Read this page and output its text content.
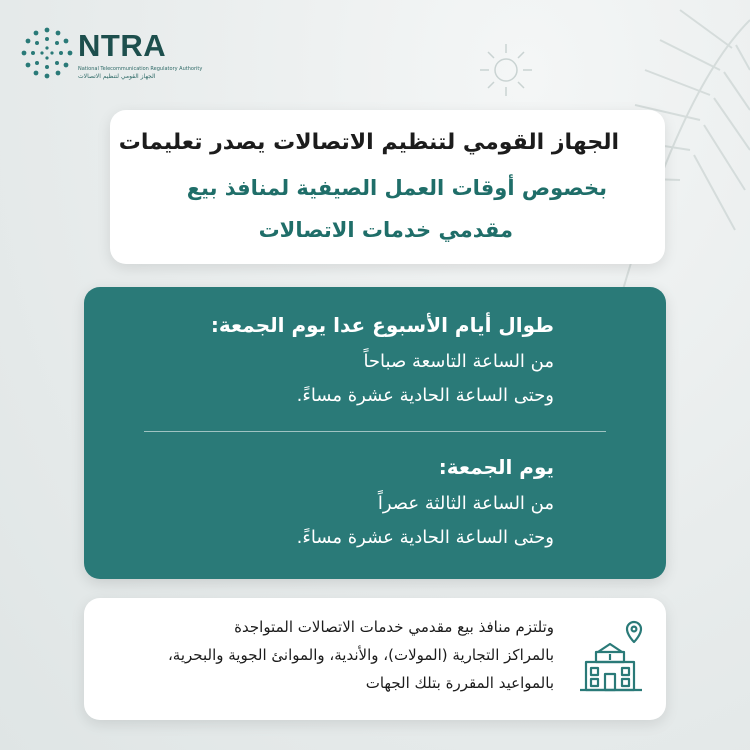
NTRA
National Telecommunication Regulatory Authority
الجهاز القومي لتنظيم الاتصالات
الجهاز القومي لتنظيم الاتصالات يصدر تعليمات
بخصوص أوقات العمل الصيفية لمنافذ بيع
مقدمي خدمات الاتصالات
طوال أيام الأسبوع عدا يوم الجمعة:
من الساعة التاسعة صباحاً
وحتى الساعة الحادية عشرة مساءً.
يوم الجمعة:
من الساعة الثالثة عصراً
وحتى الساعة الحادية عشرة مساءً.
وتلتزم منافذ بيع مقدمي خدمات الاتصالات المتواجدة
بالمراكز التجارية (المولات)، والأندية، والموانئ الجوية والبحرية،
بالمواعيد المقررة بتلك الجهات
